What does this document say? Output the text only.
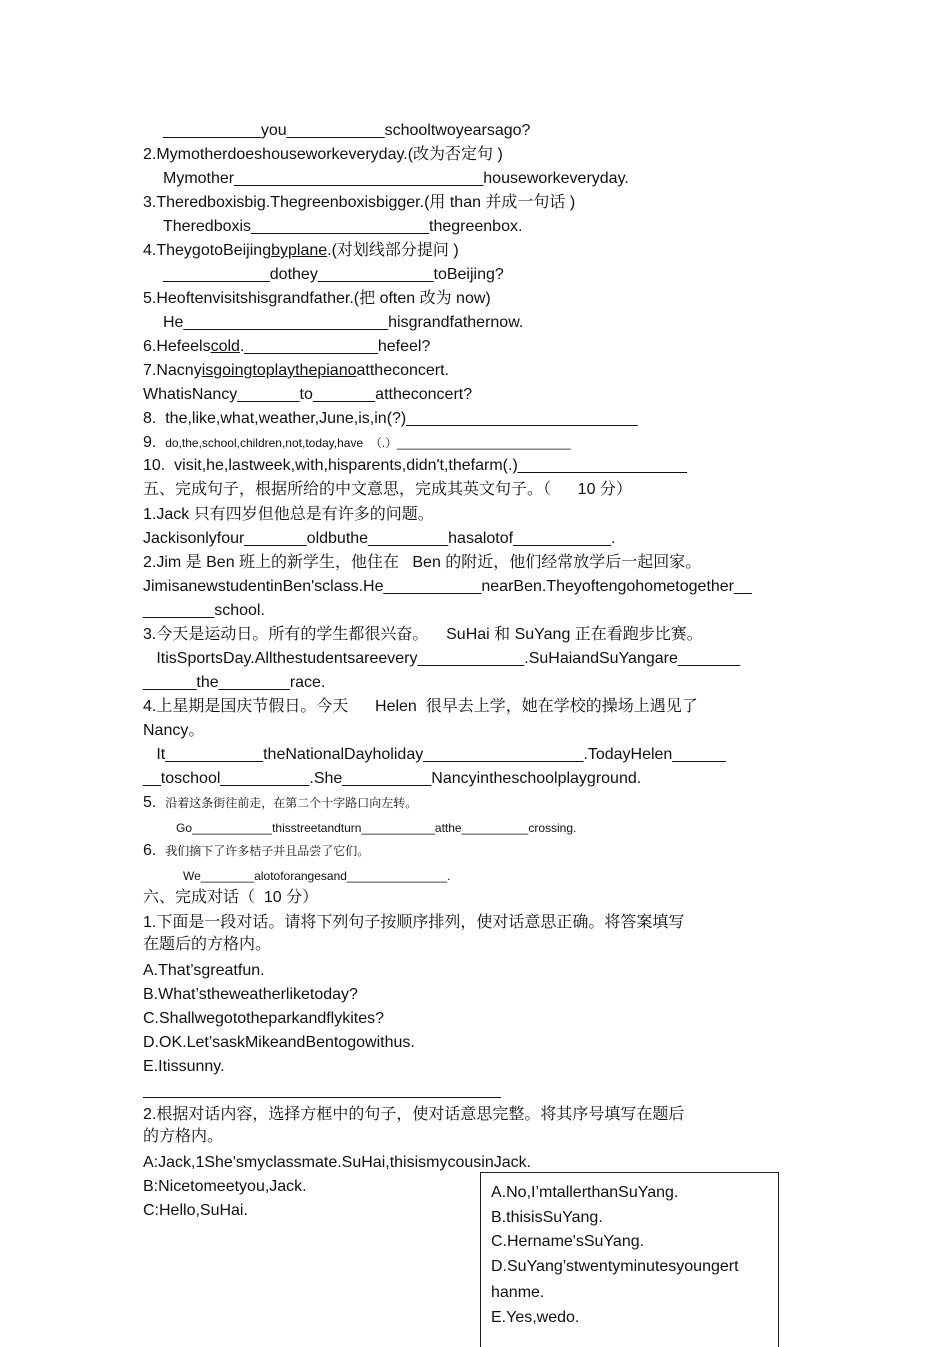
___________you___________schooltwoyearsago?
2.Mymotherdoeshouseworkeveryday.(改为否定句 )
Mymother____________________________houseworkeveryday.
3.Theredboxisbig.Thegreenboxisbigger.(用 than 并成一句话 )
Theredboxis____________________thegreenbox.
4.TheygotoBeijingbyplane.(对划线部分提问 )
____________dothey_____________toBeijing?
5.Heoftenvisitshisgrandfather.(把 often 改为 now)
He_______________________hisgrandfathernow.
6.Hefeelscold._______________hefeel?
7.Nacnyisgoingtoplaythepianoattheconcert.
WhatisNancy_______to_______attheconcert?
8.  the,like,what,weather,June,is,in(?)__________________________
9.  do,the,school,children,not,today,have  （.）__________________________
10.  visit,he,lastweek,with,hisparents,didn't,thefarm(.)___________________
五、完成句子，根据所给的中文意思，完成其英文句子。（      10 分）
1.Jack 只有四岁但他总是有许多的问题。
Jackisonlyfour_______oldbuthe_________hasalotof___________.
2.Jim 是 Ben 班上的新学生，他住在   Ben 的附近，他们经常放学后一起回家。
JimisanewstudentinBen'sclass.He___________nearBen.Theyoftengohometogether__
________school.
3.今天是运动日。所有的学生都很兴奋。    SuHai 和 SuYang 正在看跑步比赛。
ItisSportsDay.Allthestudentsareevery____________.SuHaiandSuYangare_______
______the________race.
4.上星期是国庆节假日。今天      Helen  很早去上学，她在学校的操场上遇见了
Nancy。
It___________theNationalDayholiday__________________.TodayHelen______
__toschool__________.She__________Nancyintheschoolplayground.
5.  沿着这条街往前走，在第二个十字路口向左转。
Go____________thisstreetandturn___________atthe__________crossing.
6.  我们摘下了许多桔子并且品尝了它们。
We________alotoforangesand_______________.
六、完成对话（  10 分）
1.下面是一段对话。请将下列句子按顺序排列，使对话意思正确。将答案填写
在题后的方格内。
A.That’sgreatfun.
B.What’stheweatherliketoday?
C.Shallwegototheparkandflykites?
D.OK.Let’saskMikeandBentogowithus.
E.Itissunny.
2.根据对话内容，选择方框中的句子，使对话意思完整。将其序号填写在题后
的方格内。
A:Jack,1She'smyclassmate.SuHai,thisismycousinJack.
B:Nicetomeetyou,Jack.
C:Hello,SuHai.
A.No,I’mtallerthanSuYang.
B.thisisSuYang.
C.Hername'sSuYang.
D.SuYang’stwentyminutesyoungert
hanme.
E.Yes,wedo.
